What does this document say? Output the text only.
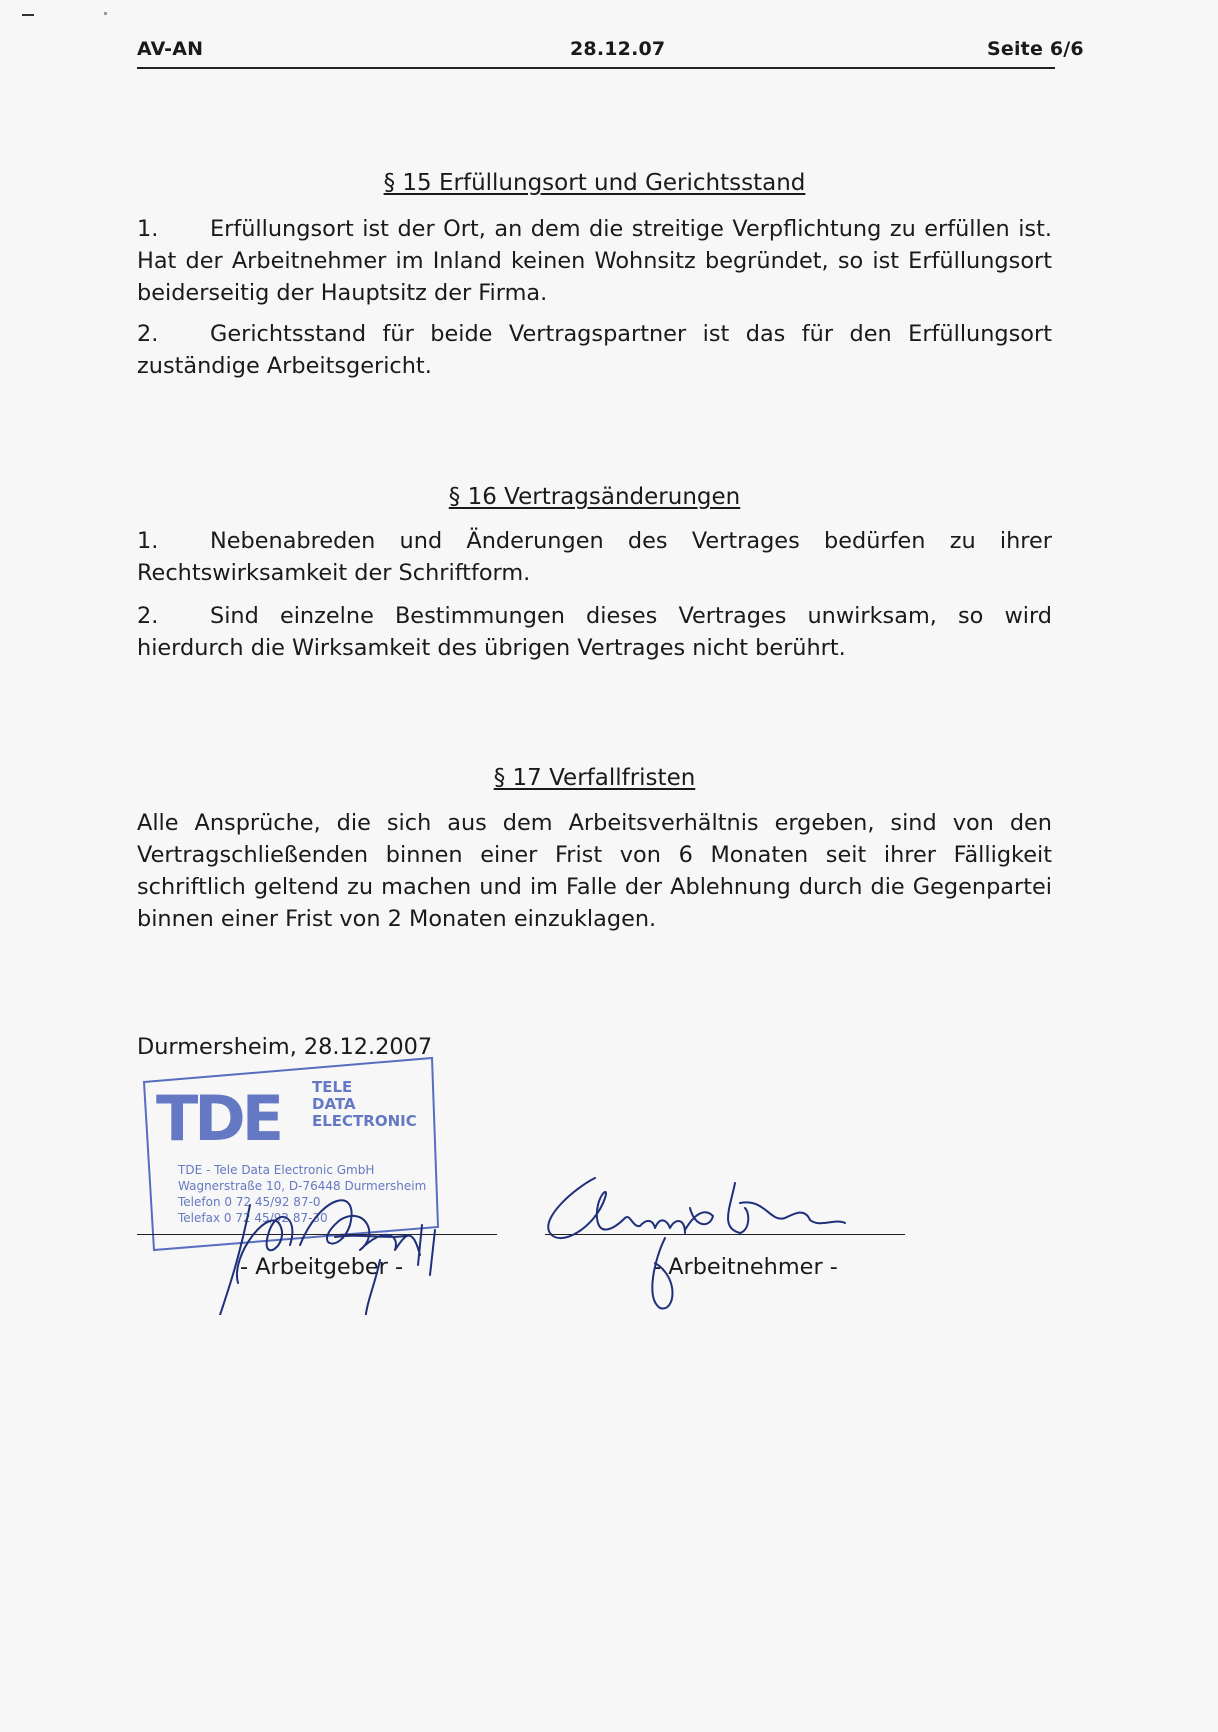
AV-AN	28.12.07	Seite 6/6
§ 15 Erfüllungsort und Gerichtsstand

1. Erfüllungsort ist der Ort, an dem die streitige Verpflichtung zu erfüllen ist. Hat der Arbeitnehmer im Inland keinen Wohnsitz begründet, so ist Erfüllungsort beiderseitig der Hauptsitz der Firma.

2. Gerichtsstand für beide Vertragspartner ist das für den Erfüllungsort zuständige Arbeitsgericht.

§ 16 Vertragsänderungen

1. Nebenabreden und Änderungen des Vertrages bedürfen zu ihrer Rechtswirksamkeit der Schriftform.

2. Sind einzelne Bestimmungen dieses Vertrages unwirksam, so wird hierdurch die Wirksamkeit des übrigen Vertrages nicht berührt.

§ 17 Verfallfristen

Alle Ansprüche, die sich aus dem Arbeitsverhältnis ergeben, sind von den Vertragschließenden binnen einer Frist von 6 Monaten seit ihrer Fälligkeit schriftlich geltend zu machen und im Falle der Ablehnung durch die Gegenpartei binnen einer Frist von 2 Monaten einzuklagen.

Durmersheim, 28.12.2007
TDE TELE
DATA
ELECTRONIC
TDE - Tele Data Electronic GmbH
Wagnerstraße 10, D-76448 Durmersheim
Telefon 0 72 45/92 87-0
Telefax 0 72 45/92 87-30
- Arbeitgeber -	- Arbeitnehmer -
